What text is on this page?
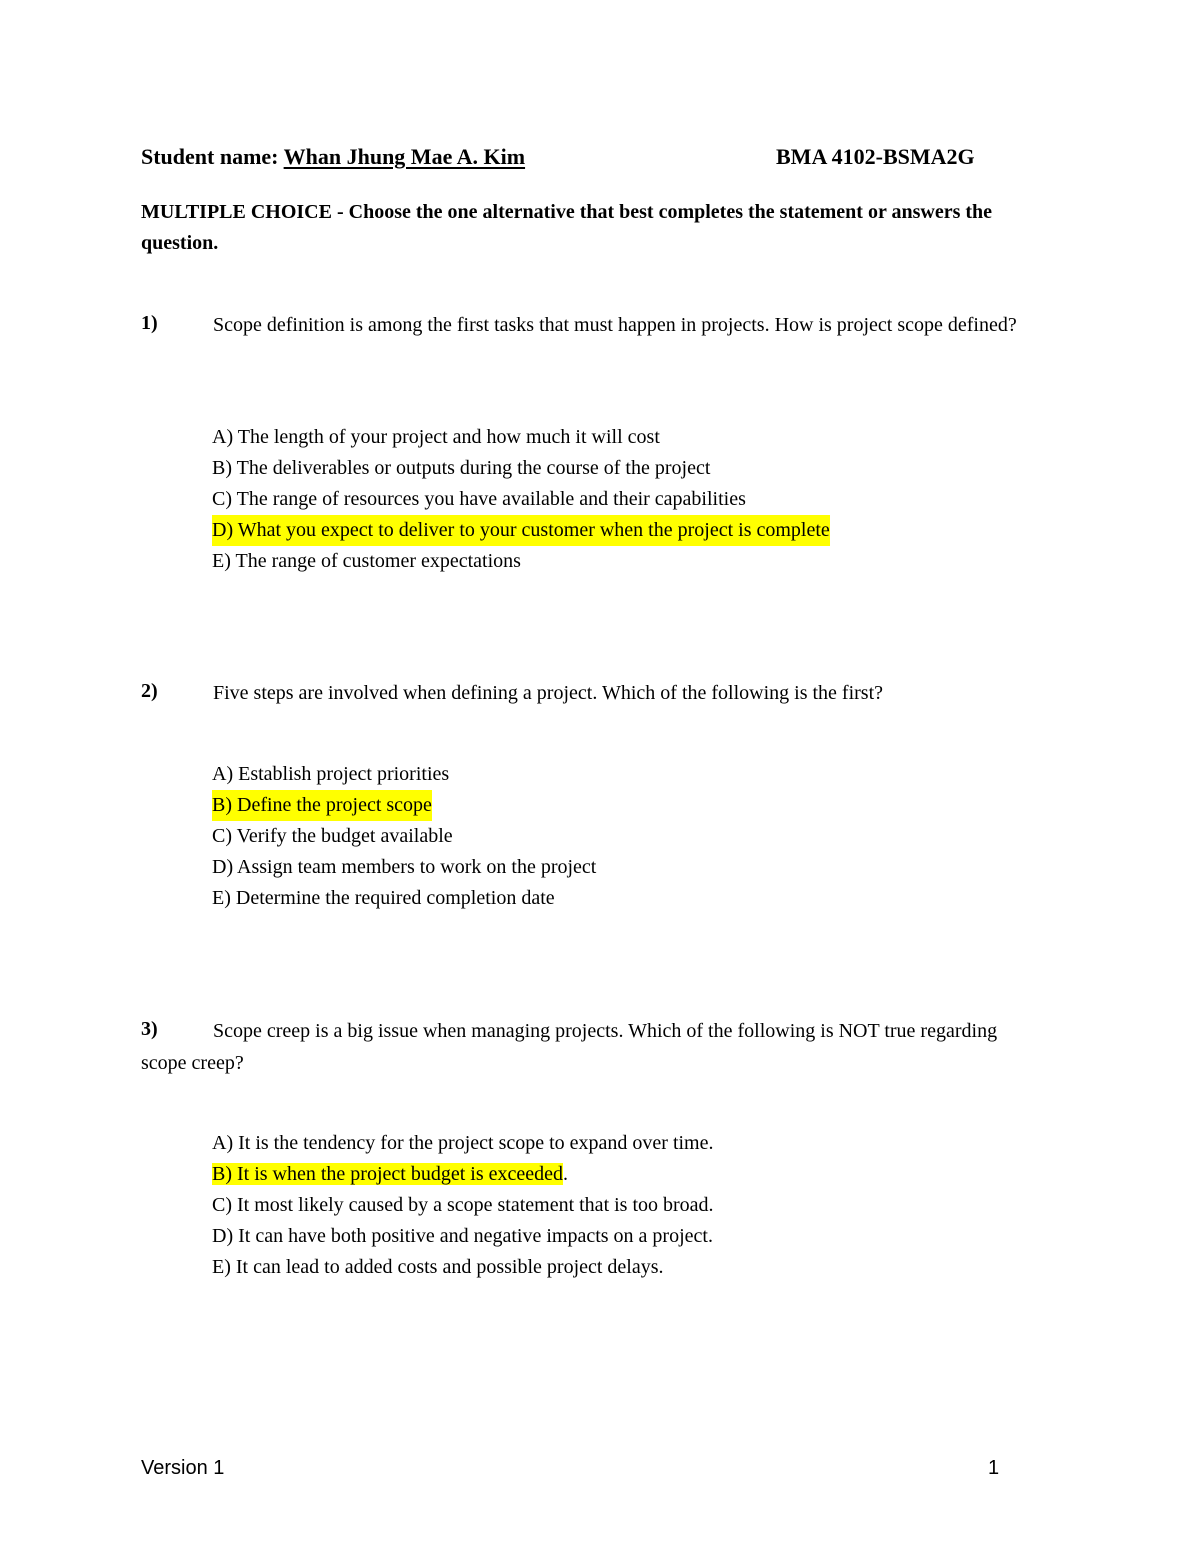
Student name: Whan Jhung Mae A. Kim	BMA 4102-BSMA2G
MULTIPLE CHOICE - Choose the one alternative that best completes the statement or answers the question.
1)	Scope definition is among the first tasks that must happen in projects. How is project scope defined?
A) The length of your project and how much it will cost
B) The deliverables or outputs during the course of the project
C) The range of resources you have available and their capabilities
D) What you expect to deliver to your customer when the project is complete
E) The range of customer expectations
2)	Five steps are involved when defining a project. Which of the following is the first?
A) Establish project priorities
B) Define the project scope
C) Verify the budget available
D) Assign team members to work on the project
E) Determine the required completion date
3)	Scope creep is a big issue when managing projects. Which of the following is NOT true regarding scope creep?
A) It is the tendency for the project scope to expand over time.
B) It is when the project budget is exceeded.
C) It most likely caused by a scope statement that is too broad.
D) It can have both positive and negative impacts on a project.
E) It can lead to added costs and possible project delays.
Version 1	1
